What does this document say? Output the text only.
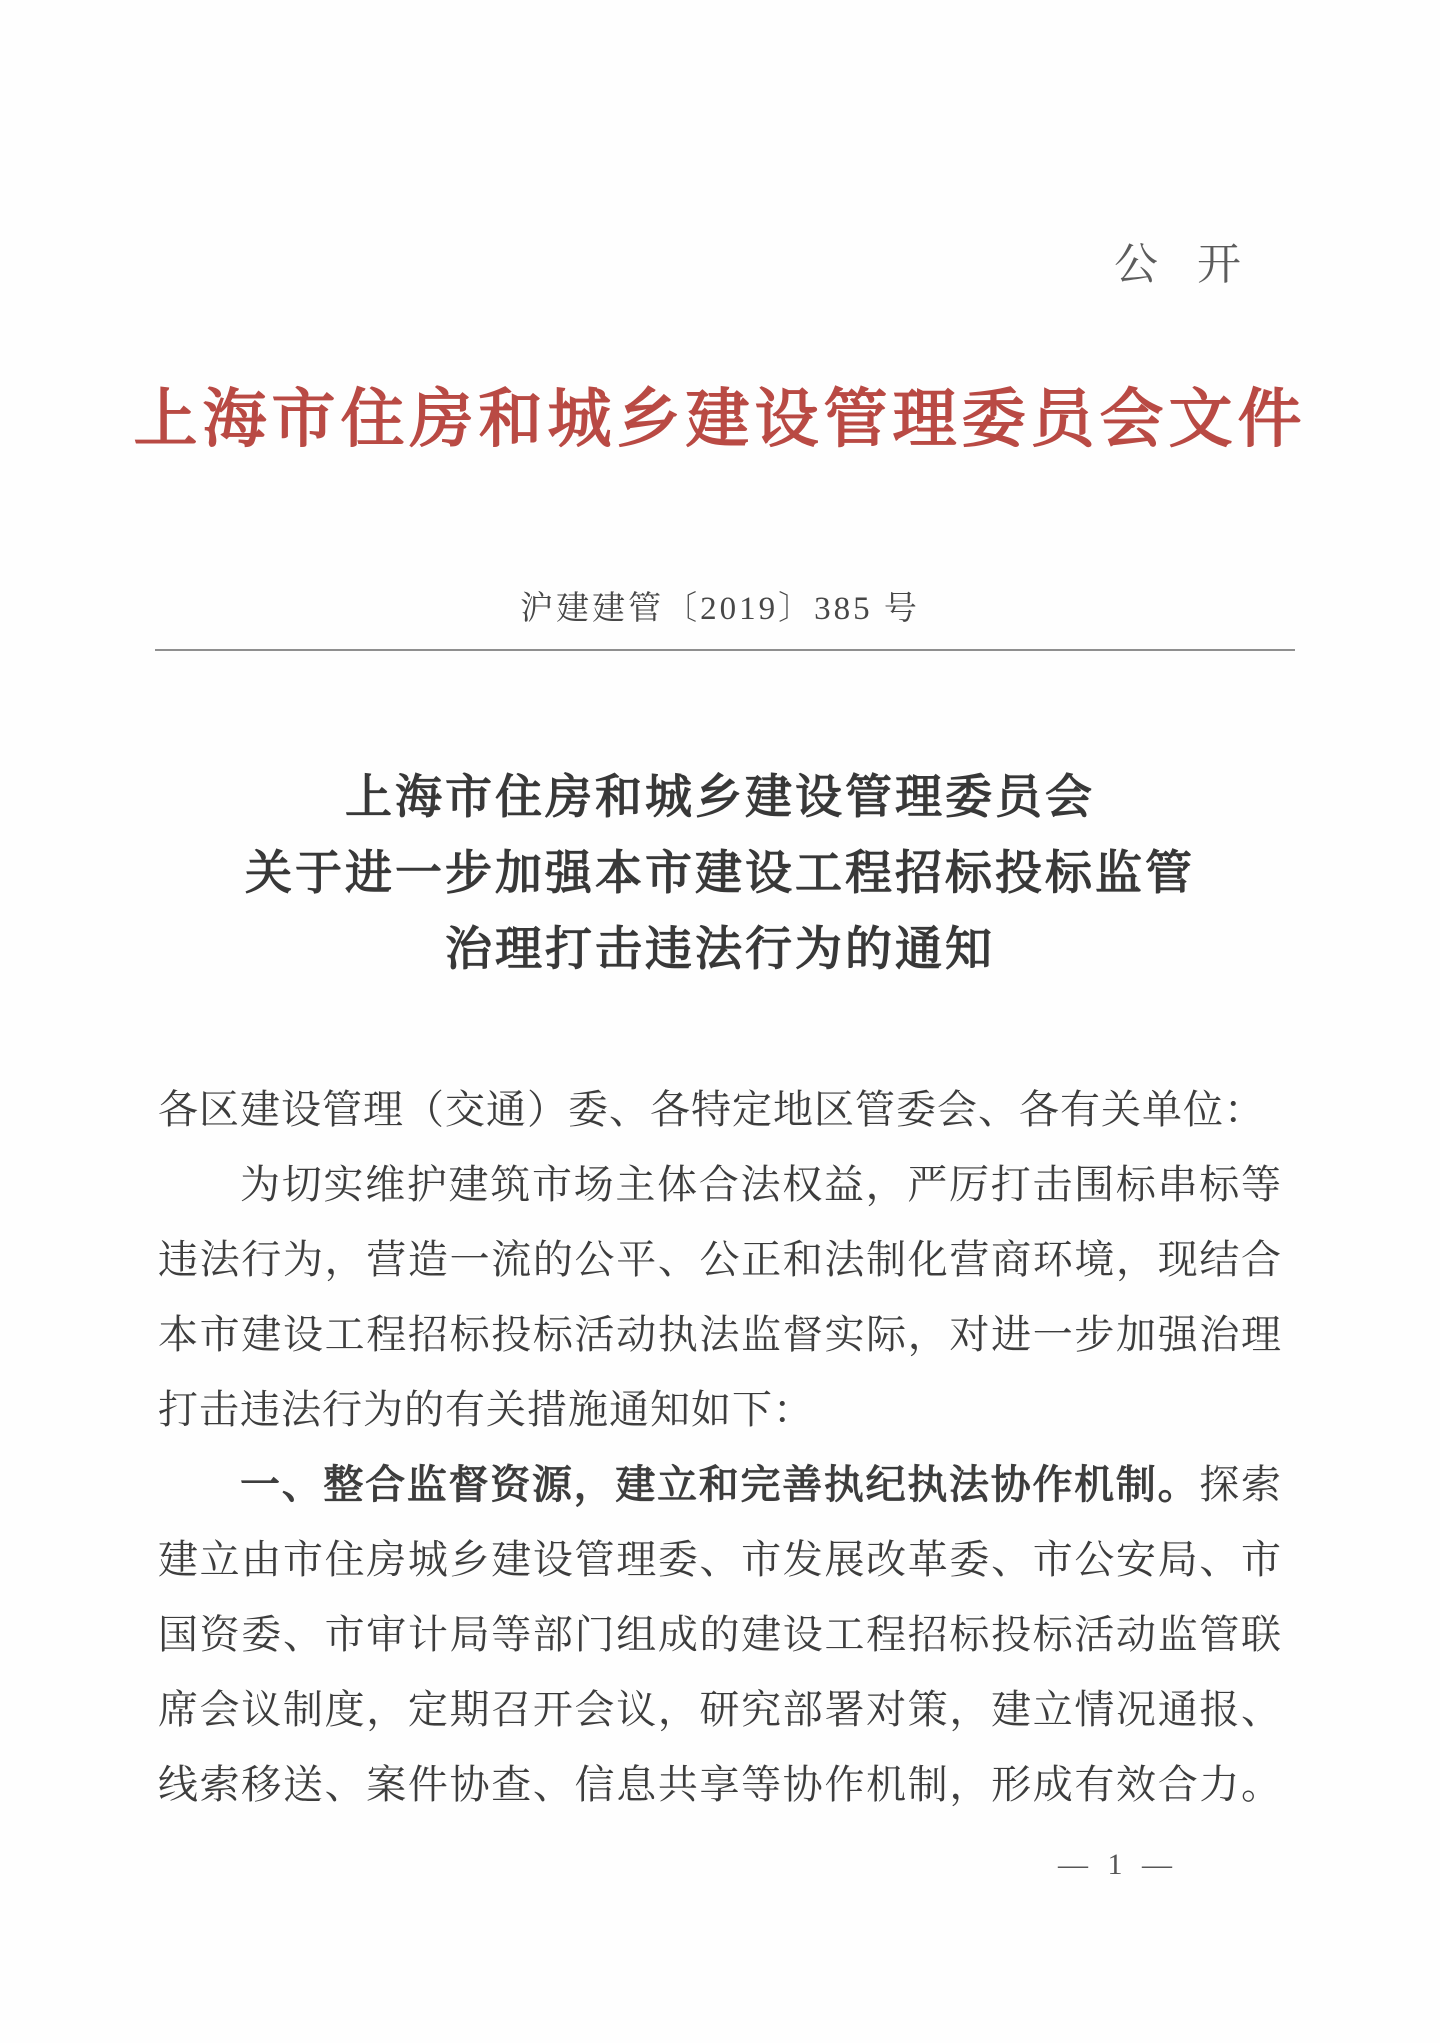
公 开
上海市住房和城乡建设管理委员会文件
沪建建管〔2019〕385 号
上海市住房和城乡建设管理委员会
关于进一步加强本市建设工程招标投标监管
治理打击违法行为的通知
各区建设管理（交通）委、各特定地区管委会、各有关单位：
为切实维护建筑市场主体合法权益，严厉打击围标串标等
违法行为，营造一流的公平、公正和法制化营商环境，现结合
本市建设工程招标投标活动执法监督实际，对进一步加强治理
打击违法行为的有关措施通知如下：
一、整合监督资源，建立和完善执纪执法协作机制。探索
建立由市住房城乡建设管理委、市发展改革委、市公安局、市
国资委、市审计局等部门组成的建设工程招标投标活动监管联
席会议制度，定期召开会议，研究部署对策，建立情况通报、
线索移送、案件协查、信息共享等协作机制，形成有效合力。
— 1 —
